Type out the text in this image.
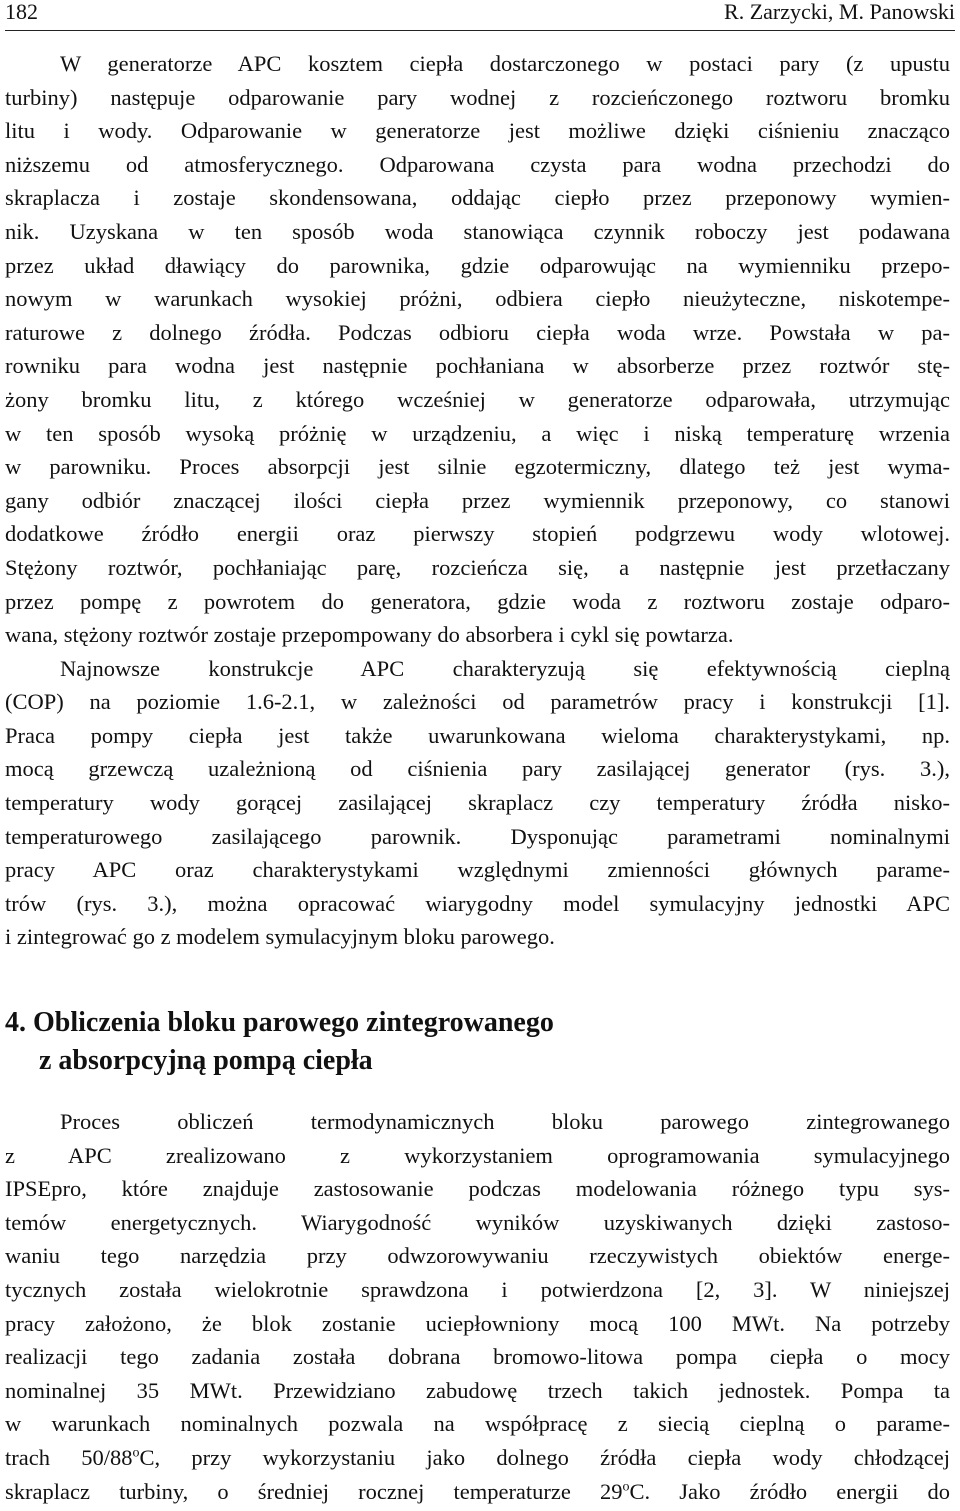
182	R. Zarzycki, M. Panowski
W generatorze APC kosztem ciepła dostarczonego w postaci pary (z upustu
turbiny) następuje odparowanie pary wodnej z rozcieńczonego roztworu bromku
litu i wody. Odparowanie w generatorze jest możliwe dzięki ciśnieniu znacząco
niższemu od atmosferycznego. Odparowana czysta para wodna przechodzi do
skraplacza i zostaje skondensowana, oddając ciepło przez przeponowy wymien-
nik. Uzyskana w ten sposób woda stanowiąca czynnik roboczy jest podawana
przez układ dławiący do parownika, gdzie odparowując na wymienniku przepo-
nowym w warunkach wysokiej próżni, odbiera ciepło nieużyteczne, niskotempe-
raturowe z dolnego źródła. Podczas odbioru ciepła woda wrze. Powstała w pa-
rowniku para wodna jest następnie pochłaniana w absorberze przez roztwór stę-
żony bromku litu, z którego wcześniej w generatorze odparowała, utrzymując
w ten sposób wysoką próżnię w urządzeniu, a więc i niską temperaturę wrzenia
w parowniku. Proces absorpcji jest silnie egzotermiczny, dlatego też jest wyma-
gany odbiór znaczącej ilości ciepła przez wymiennik przeponowy, co stanowi
dodatkowe źródło energii oraz pierwszy stopień podgrzewu wody wlotowej.
Stężony roztwór, pochłaniając parę, rozcieńcza się, a następnie jest przetłaczany
przez pompę z powrotem do generatora, gdzie woda z roztworu zostaje odparo-
wana, stężony roztwór zostaje przepompowany do absorbera i cykl się powtarza.
Najnowsze konstrukcje APC charakteryzują się efektywnością cieplną
(COP) na poziomie 1.6-2.1, w zależności od parametrów pracy i konstrukcji [1].
Praca pompy ciepła jest także uwarunkowana wieloma charakterystykami, np.
mocą grzewczą uzależnioną od ciśnienia pary zasilającej generator (rys. 3.),
temperatury wody gorącej zasilającej skraplacz czy temperatury źródła nisko-
temperaturowego zasilającego parownik. Dysponując parametrami nominalnymi
pracy APC oraz charakterystykami względnymi zmienności głównych parame-
trów (rys. 3.), można opracować wiarygodny model symulacyjny jednostki APC
i zintegrować go z modelem symulacyjnym bloku parowego.
4. Obliczenia bloku parowego zintegrowanego
z absorpcyjną pompą ciepła
Proces obliczeń termodynamicznych bloku parowego zintegrowanego
z APC zrealizowano z wykorzystaniem oprogramowania symulacyjnego
IPSEpro, które znajduje zastosowanie podczas modelowania różnego typu sys-
temów energetycznych. Wiarygodność wyników uzyskiwanych dzięki zastoso-
waniu tego narzędzia przy odwzorowywaniu rzeczywistych obiektów energe-
tycznych została wielokrotnie sprawdzona i potwierdzona [2, 3]. W niniejszej
pracy założono, że blok zostanie uciepłowniony mocą 100 MWt. Na potrzeby
realizacji tego zadania została dobrana bromowo-litowa pompa ciepła o mocy
nominalnej 35 MWt. Przewidziano zabudowę trzech takich jednostek. Pompa ta
w warunkach nominalnych pozwala na współpracę z siecią cieplną o parame-
trach 50/88$^o$C, przy wykorzystaniu jako dolnego źródła ciepła wody chłodzącej
skraplacz turbiny, o średniej rocznej temperaturze 29$^o$C. Jako źródło energii do
